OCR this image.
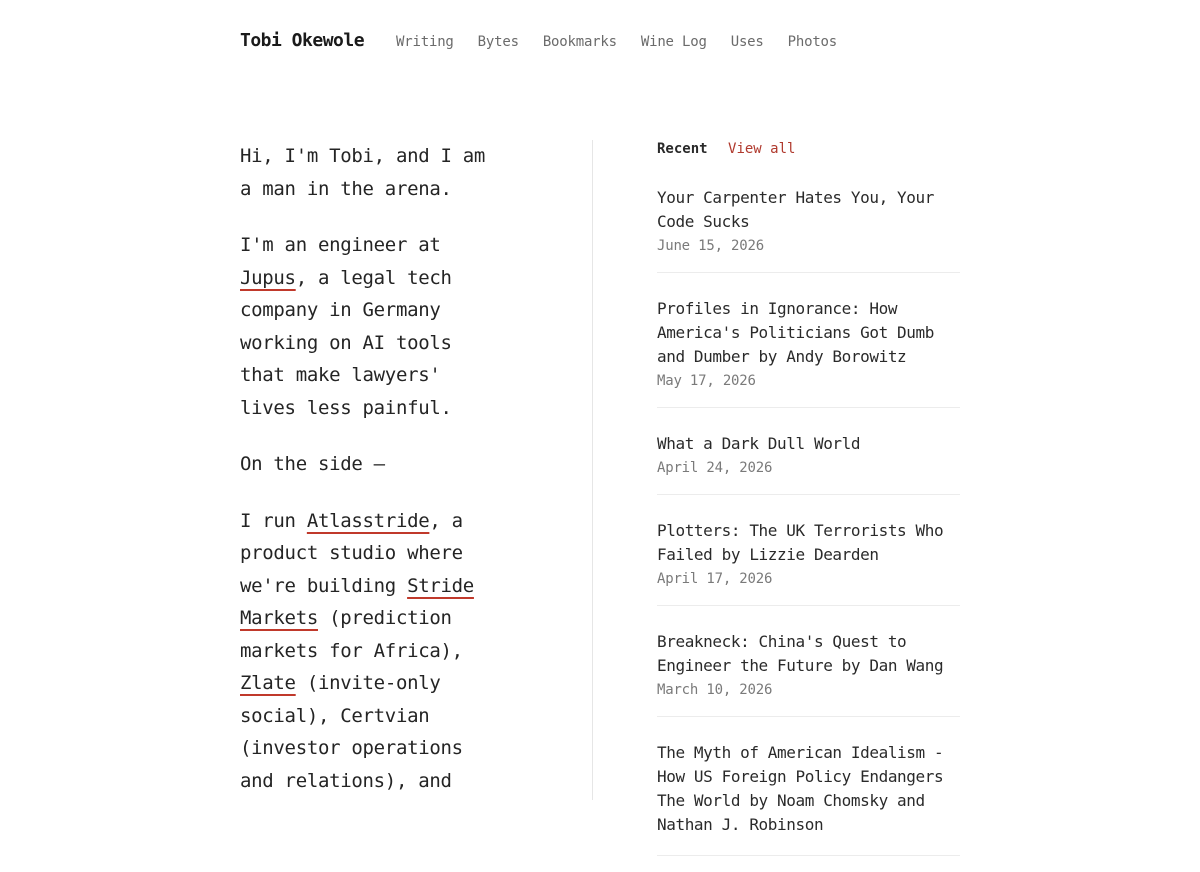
Tobi Okewole Writing Bytes Bookmarks Wine Log Uses Photos

Hi, I'm Tobi, and I am a man in the arena.

I'm an engineer at Jupus, a legal tech company in Germany working on AI tools that make lawyers' lives less painful.

On the side —

I run Atlasstride, a product studio where we're building Stride Markets (prediction markets for Africa), Zlate (invite-only social), Certvian (investor operations and relations), and

Recent View all
Your Carpenter Hates You, Your Code Sucks
June 15, 2026
Profiles in Ignorance: How America's Politicians Got Dumb and Dumber by Andy Borowitz
May 17, 2026
What a Dark Dull World
April 24, 2026
Plotters: The UK Terrorists Who Failed by Lizzie Dearden
April 17, 2026
Breakneck: China's Quest to Engineer the Future by Dan Wang
March 10, 2026
The Myth of American Idealism - How US Foreign Policy Endangers The World by Noam Chomsky and Nathan J. Robinson
